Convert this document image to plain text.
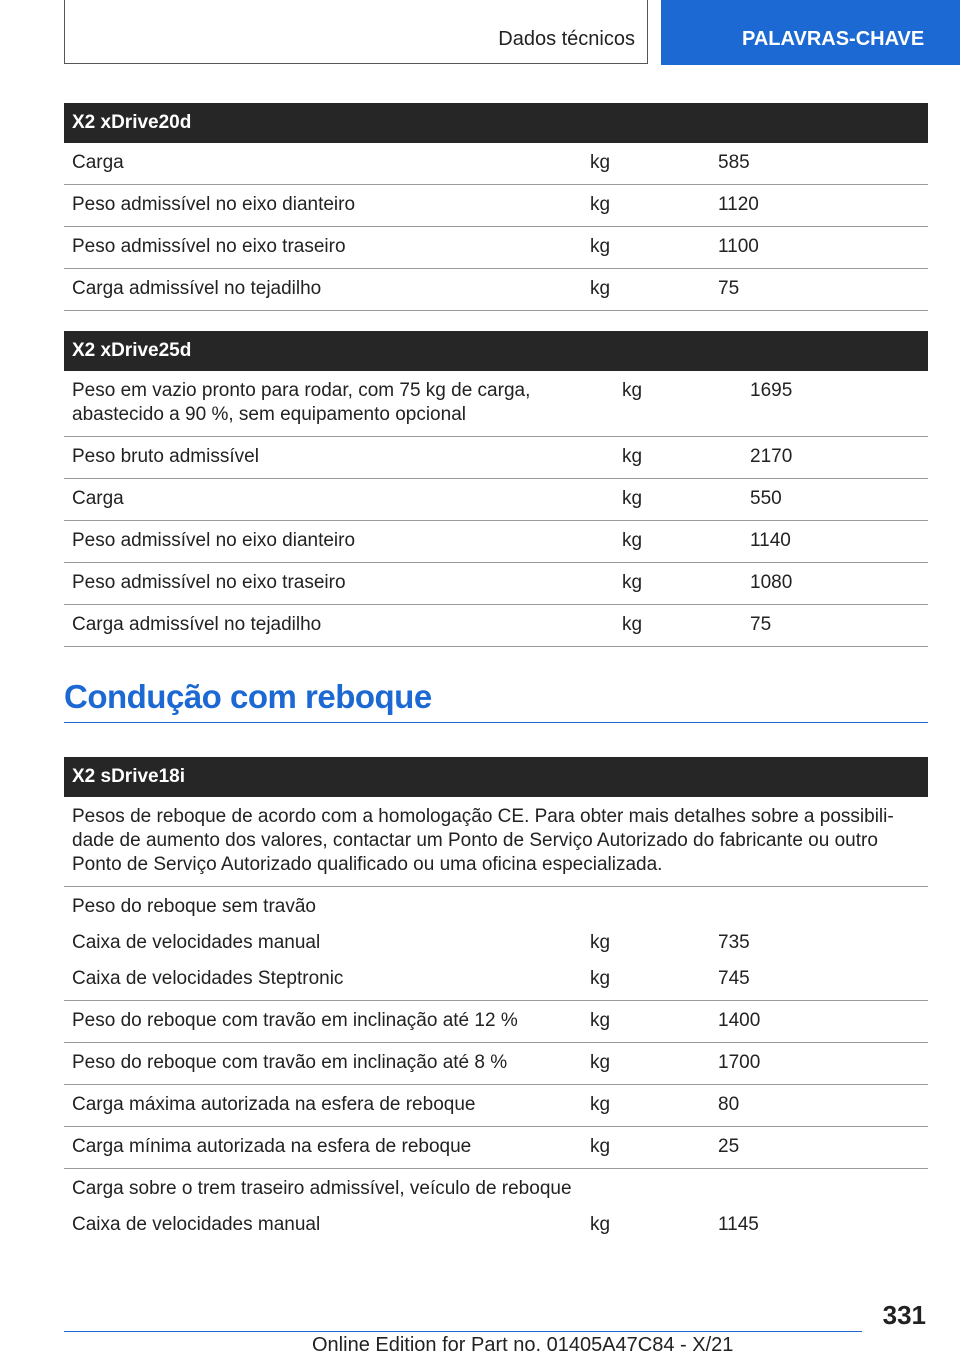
Dados técnicos	PALAVRAS-CHAVE
X2 xDrive20d		
Carga	kg	585
Peso admissível no eixo dianteiro	kg	1120
Peso admissível no eixo traseiro	kg	1100
Carga admissível no tejadilho	kg	75
X2 xDrive25d		
Peso em vazio pronto para rodar, com 75 kg de carga, abastecido a 90 %, sem equipamento opcional	kg	1695
Peso bruto admissível	kg	2170
Carga	kg	550
Peso admissível no eixo dianteiro	kg	1140
Peso admissível no eixo traseiro	kg	1080
Carga admissível no tejadilho	kg	75
Condução com reboque
X2 sDrive18i		
Pesos de reboque de acordo com a homologação CE. Para obter mais detalhes sobre a possibilidade de aumento dos valores, contactar um Ponto de Serviço Autorizado do fabricante ou outro Ponto de Serviço Autorizado qualificado ou uma oficina especializada.		
Peso do reboque sem travão		
Caixa de velocidades manual	kg	735
Caixa de velocidades Steptronic	kg	745
Peso do reboque com travão em inclinação até 12 %	kg	1400
Peso do reboque com travão em inclinação até 8 %	kg	1700
Carga máxima autorizada na esfera de reboque	kg	80
Carga mínima autorizada na esfera de reboque	kg	25
Carga sobre o trem traseiro admissível, veículo de reboque		
Caixa de velocidades manual	kg	1145
331
Online Edition for Part no. 01405A47C84 - X/21
